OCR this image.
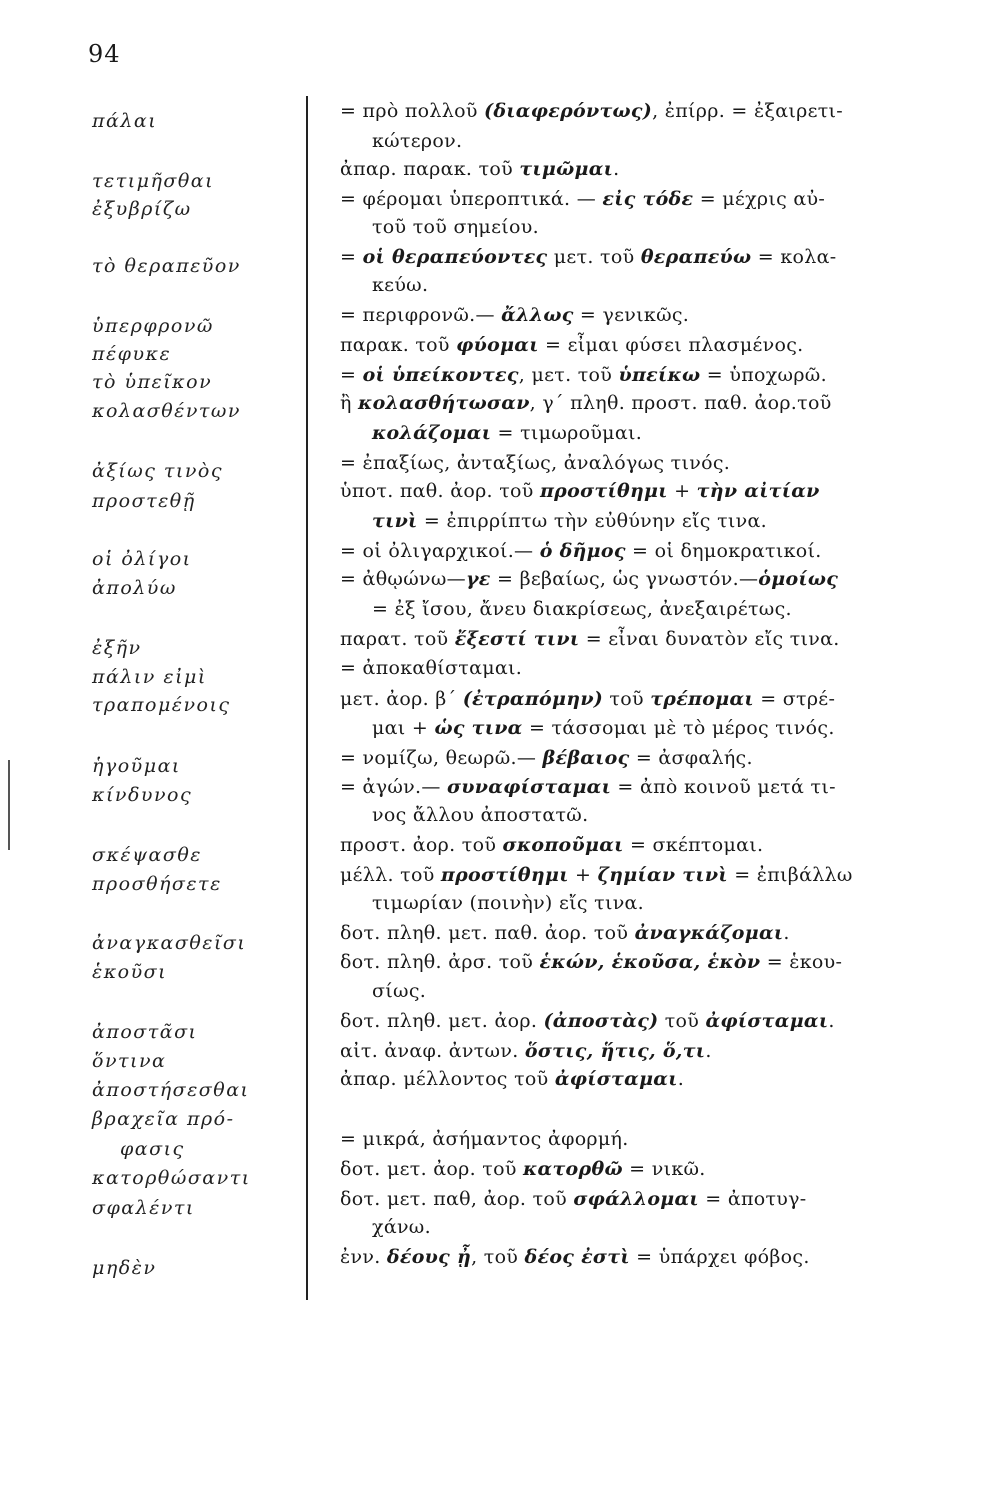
94
πάλαι
τετιμῆσθαι
ἐξυβρίζω
τὸ θεραπεῦον
ὑπερφρονῶ
πέφυκε
τὸ ὑπεῖκον
κολασθέντων
ἀξίως τινὸς
προστεθῇ
οἱ ὀλίγοι
ἀπολύω
ἐξῆν
πάλιν εἰμὶ
τραπομένοις
ἡγοῦμαι
κίνδυνος
σκέψασθε
προσθήσετε
ἀναγκασθεῖσι
ἑκοῦσι
ἀποστᾶσι
ὅντινα
ἀποστήσεσθαι
βραχεῖα πρό-
φασις
κατορθώσαντι
σφαλέντι
μηδὲν
= πρὸ πολλοῦ (διαφερόντως), ἐπίρρ. = ἐξαιρετι-
κώτερον.
ἀπαρ. παρακ. τοῦ τιμῶμαι.
= φέρομαι ὑπεροπτικά. — εἰς τόδε = μέχρις αὐ-
τοῦ τοῦ σημείου.
= οἱ θεραπεύοντες μετ. τοῦ θεραπεύω = κολα-
κεύω.
= περιφρονῶ.— ἄλλως = γενικῶς.
παρακ. τοῦ φύομαι = εἶμαι φύσει πλασμένος.
= οἱ ὑπείκοντες, μετ. τοῦ ὑπείκω = ὑποχωρῶ.
ἢ κολασθήτωσαν, γ΄ πληθ. προστ. παθ. ἀορ.τοῦ
κολάζομαι = τιμωροῦμαι.
= ἐπαξίως, ἀνταξίως, ἀναλόγως τινός.
ὑποτ. παθ. ἀορ. τοῦ προστίθημι + τὴν αἰτίαν
τινὶ = ἐπιρρίπτω τὴν εὐθύνην εἴς τινα.
= οἱ ὀλιγαρχικοί.— ὁ δῆμος = οἱ δημοκρατικοί.
= ἀθῳώνω—γε = βεβαίως, ὡς γνωστόν.—ὁμοίως
= ἐξ ἴσου, ἄνευ διακρίσεως, ἀνεξαιρέτως.
παρατ. τοῦ ἔξεστί τινι = εἶναι δυνατὸν εἴς τινα.
= ἀποκαθίσταμαι.
μετ. ἀορ. β΄ (ἐτραπόμην) τοῦ τρέπομαι = στρέ-
μαι + ὡς τινα = τάσσομαι μὲ τὸ μέρος τινός.
= νομίζω, θεωρῶ.— βέβαιος = ἀσφαλής.
= ἀγών.— συναφίσταμαι = ἀπὸ κοινοῦ μετά τι-
νος ἄλλου ἀποστατῶ.
προστ. ἀορ. τοῦ σκοποῦμαι = σκέπτομαι.
μέλλ. τοῦ προστίθημι + ζημίαν τινὶ = ἐπιβάλλω
τιμωρίαν (ποινὴν) εἴς τινα.
δοτ. πληθ. μετ. παθ. ἀορ. τοῦ ἀναγκάζομαι.
δοτ. πληθ. ἀρσ. τοῦ ἑκών, ἑκοῦσα, ἑκὸν = ἑκου-
σίως.
δοτ. πληθ. μετ. ἀορ. (ἀποστὰς) τοῦ ἀφίσταμαι.
αἰτ. ἀναφ. ἀντων. ὅστις, ἥτις, ὅ,τι.
ἀπαρ. μέλλοντος τοῦ ἀφίσταμαι.
= μικρά, ἀσήμαντος ἀφορμή.
δοτ. μετ. ἀορ. τοῦ κατορθῶ = νικῶ.
δοτ. μετ. παθ, ἀορ. τοῦ σφάλλομαι = ἀποτυγ-
χάνω.
ἐνν. δέους ᾖ, τοῦ δέος ἐστὶ = ὑπάρχει φόβος.
